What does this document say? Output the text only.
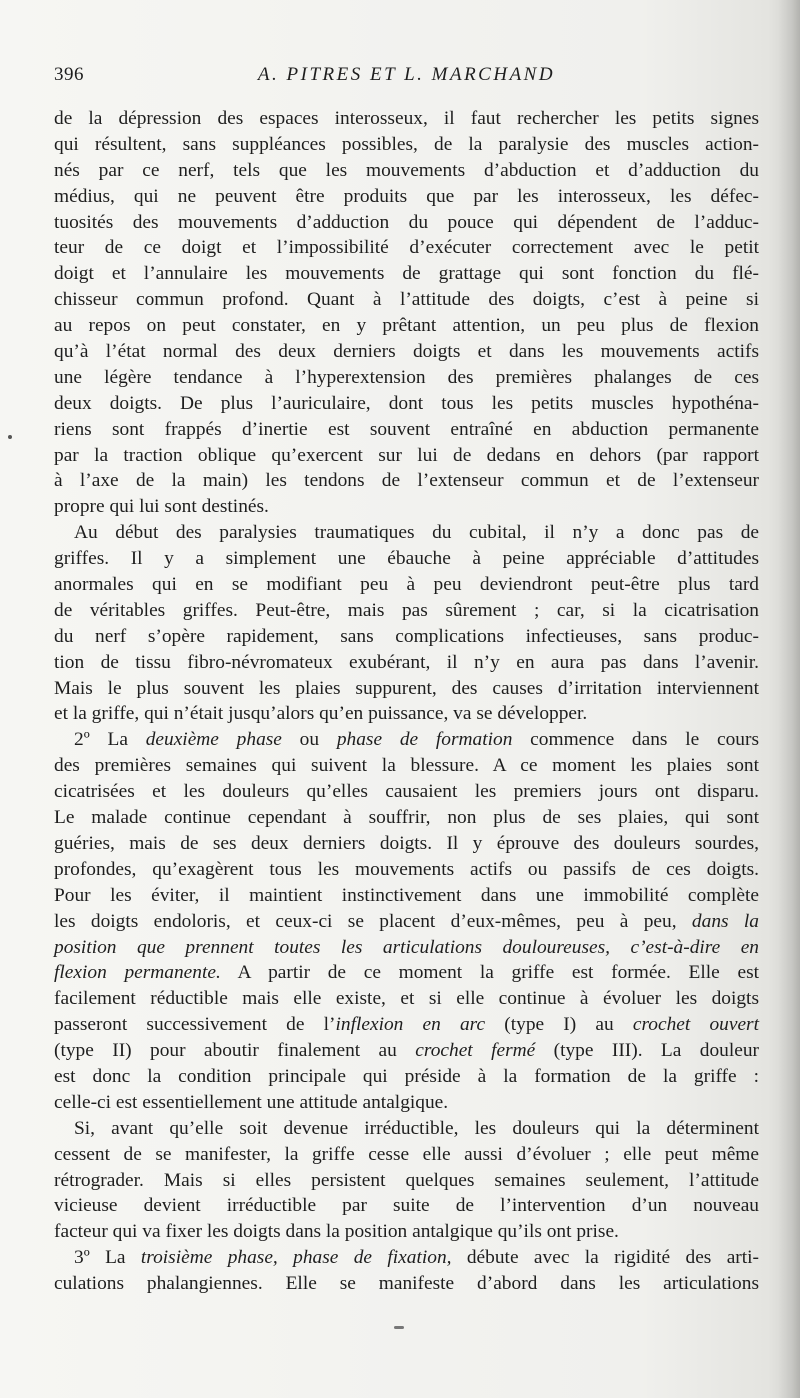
396	A. PITRES ET L. MARCHAND
de la dépression des espaces interosseux, il faut rechercher les petits signes
qui résultent, sans suppléances possibles, de la paralysie des muscles action-
nés par ce nerf, tels que les mouvements d’abduction et d’adduction du
médius, qui ne peuvent être produits que par les interosseux, les défec-
tuosités des mouvements d’adduction du pouce qui dépendent de l’adduc-
teur de ce doigt et l’impossibilité d’exécuter correctement avec le petit
doigt et l’annulaire les mouvements de grattage qui sont fonction du flé-
chisseur commun profond. Quant à l’attitude des doigts, c’est à peine si
au repos on peut constater, en y prêtant attention, un peu plus de flexion
qu’à l’état normal des deux derniers doigts et dans les mouvements actifs
une légère tendance à l’hyperextension des premières phalanges de ces
deux doigts. De plus l’auriculaire, dont tous les petits muscles hypothéna-
riens sont frappés d’inertie est souvent entraîné en abduction permanente
par la traction oblique qu’exercent sur lui de dedans en dehors (par rapport
à l’axe de la main) les tendons de l’extenseur commun et de l’extenseur
propre qui lui sont destinés.
Au début des paralysies traumatiques du cubital, il n’y a donc pas de
griffes. Il y a simplement une ébauche à peine appréciable d’attitudes
anormales qui en se modifiant peu à peu deviendront peut-être plus tard
de véritables griffes. Peut-être, mais pas sûrement ; car, si la cicatrisation
du nerf s’opère rapidement, sans complications infectieuses, sans produc-
tion de tissu fibro-névromateux exubérant, il n’y en aura pas dans l’avenir.
Mais le plus souvent les plaies suppurent, des causes d’irritation interviennent
et la griffe, qui n’était jusqu’alors qu’en puissance, va se développer.
2º La deuxième phase ou phase de formation commence dans le cours
des premières semaines qui suivent la blessure. A ce moment les plaies sont
cicatrisées et les douleurs qu’elles causaient les premiers jours ont disparu.
Le malade continue cependant à souffrir, non plus de ses plaies, qui sont
guéries, mais de ses deux derniers doigts. Il y éprouve des douleurs sourdes,
profondes, qu’exagèrent tous les mouvements actifs ou passifs de ces doigts.
Pour les éviter, il maintient instinctivement dans une immobilité complète
les doigts endoloris, et ceux-ci se placent d’eux-mêmes, peu à peu, dans la
position que prennent toutes les articulations douloureuses, c’est-à-dire en
flexion permanente. A partir de ce moment la griffe est formée. Elle est
facilement réductible mais elle existe, et si elle continue à évoluer les doigts
passeront successivement de l’inflexion en arc (type I) au crochet ouvert
(type II) pour aboutir finalement au crochet fermé (type III). La douleur
est donc la condition principale qui préside à la formation de la griffe :
celle-ci est essentiellement une attitude antalgique.
Si, avant qu’elle soit devenue irréductible, les douleurs qui la déterminent
cessent de se manifester, la griffe cesse elle aussi d’évoluer ; elle peut même
rétrograder. Mais si elles persistent quelques semaines seulement, l’attitude
vicieuse devient irréductible par suite de l’intervention d’un nouveau
facteur qui va fixer les doigts dans la position antalgique qu’ils ont prise.
3º La troisième phase, phase de fixation, débute avec la rigidité des arti-
culations phalangiennes. Elle se manifeste d’abord dans les articulations
